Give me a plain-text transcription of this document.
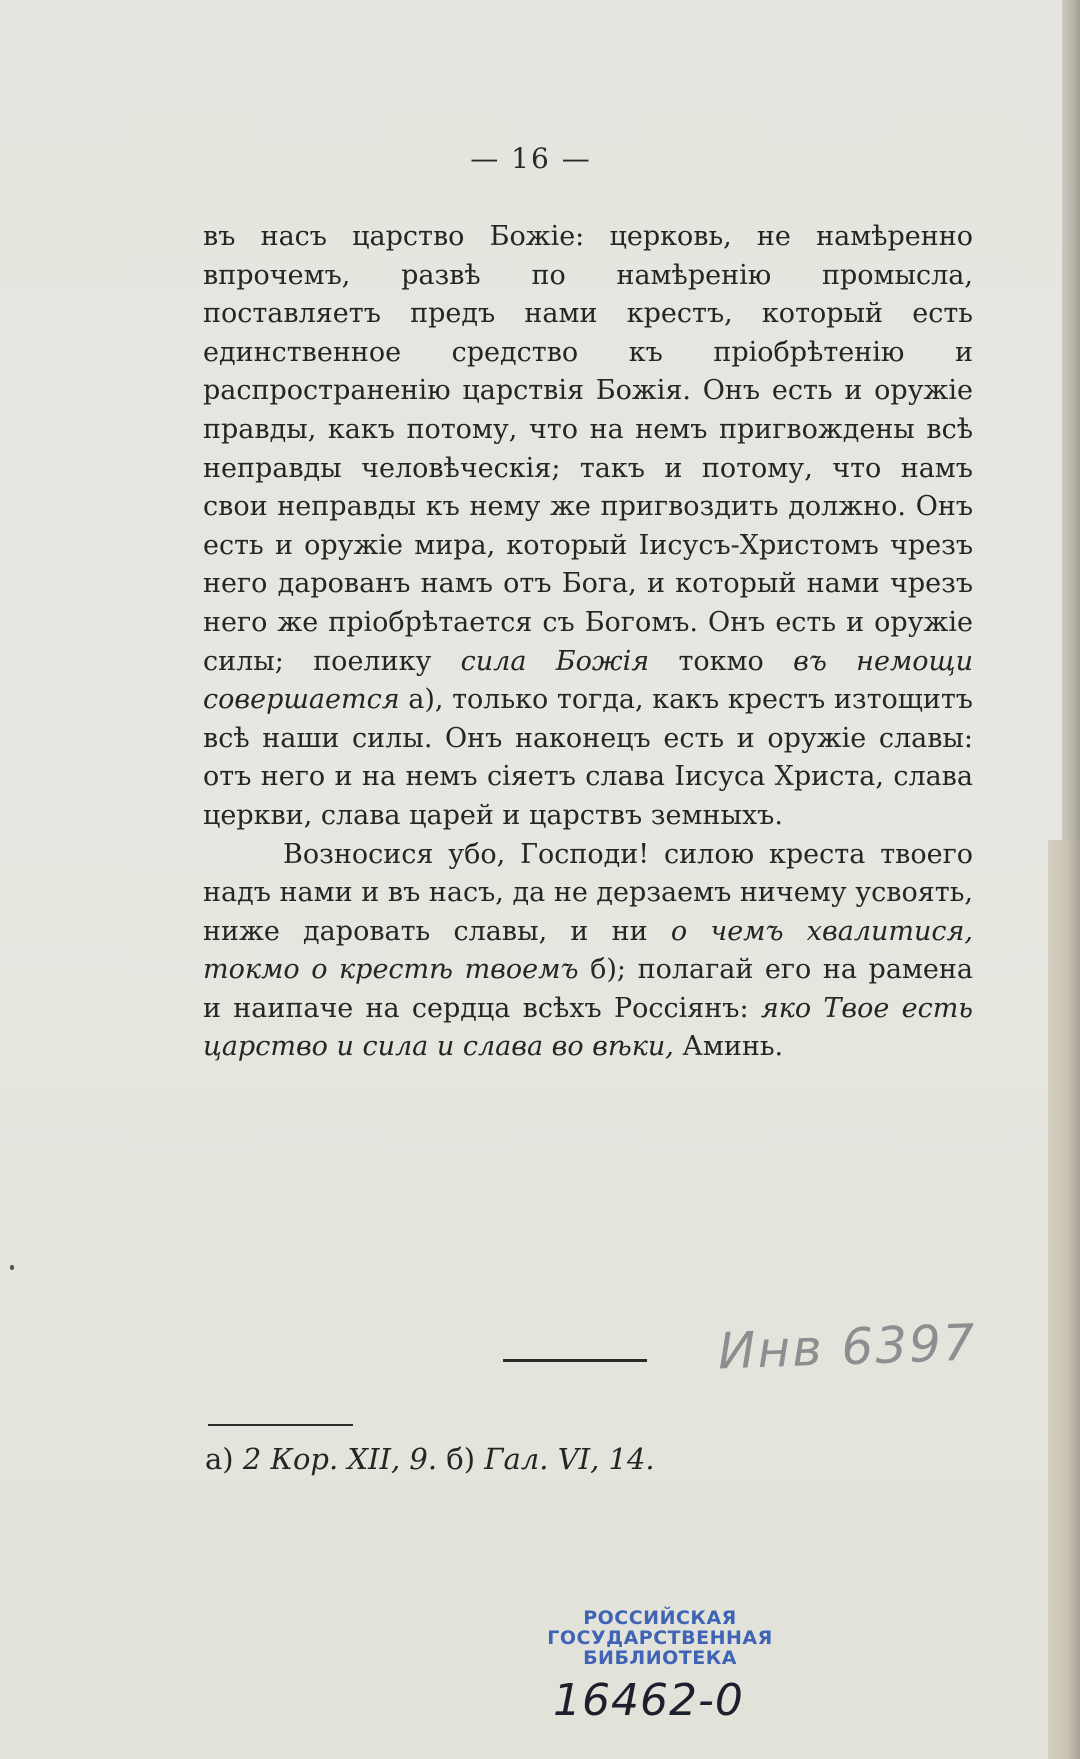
— 16 —

въ насъ царство Божіе: церковь, не намѣренно впрочемъ, развѣ по намѣренію промысла, поставляетъ предъ нами крестъ, который есть единственное средство къ пріобрѣтенію и распространенію царствія Божія. Онъ есть и оружіе правды, какъ потому, что на немъ пригвождены всѣ неправды человѣческія; такъ и потому, что намъ свои неправды къ нему же пригвоздить должно. Онъ есть и оружіе мира, который Іисусъ-Христомъ чрезъ него дарованъ намъ отъ Бога, и который нами чрезъ него же пріобрѣтается съ Богомъ. Онъ есть и оружіе силы; поелику сила Божія токмо въ немощи совершается а), только тогда, какъ крестъ изтощитъ всѣ наши силы. Онъ наконецъ есть и оружіе славы: отъ него и на немъ сіяетъ слава Іисуса Христа, слава церкви, слава царей и царствъ земныхъ.

Возносися убо, Господи! силою креста твоего надъ нами и въ насъ, да не дерзаемъ ничему усвоять, ниже даровать славы, и ни о чемъ хвалитися, токмо о крестѣ твоемъ б); полагай его на рамена и наипаче на сердца всѣхъ Россіянъ: яко Твое есть царство и сила и слава во вѣки, Аминь.

Инв 6397
а) 2 Кор. XII, 9. б) Гал. VI, 14.
РОССИЙСКАЯ
ГОСУДАРСТВЕННАЯ
БИБЛИОТЕКА
16462-0
